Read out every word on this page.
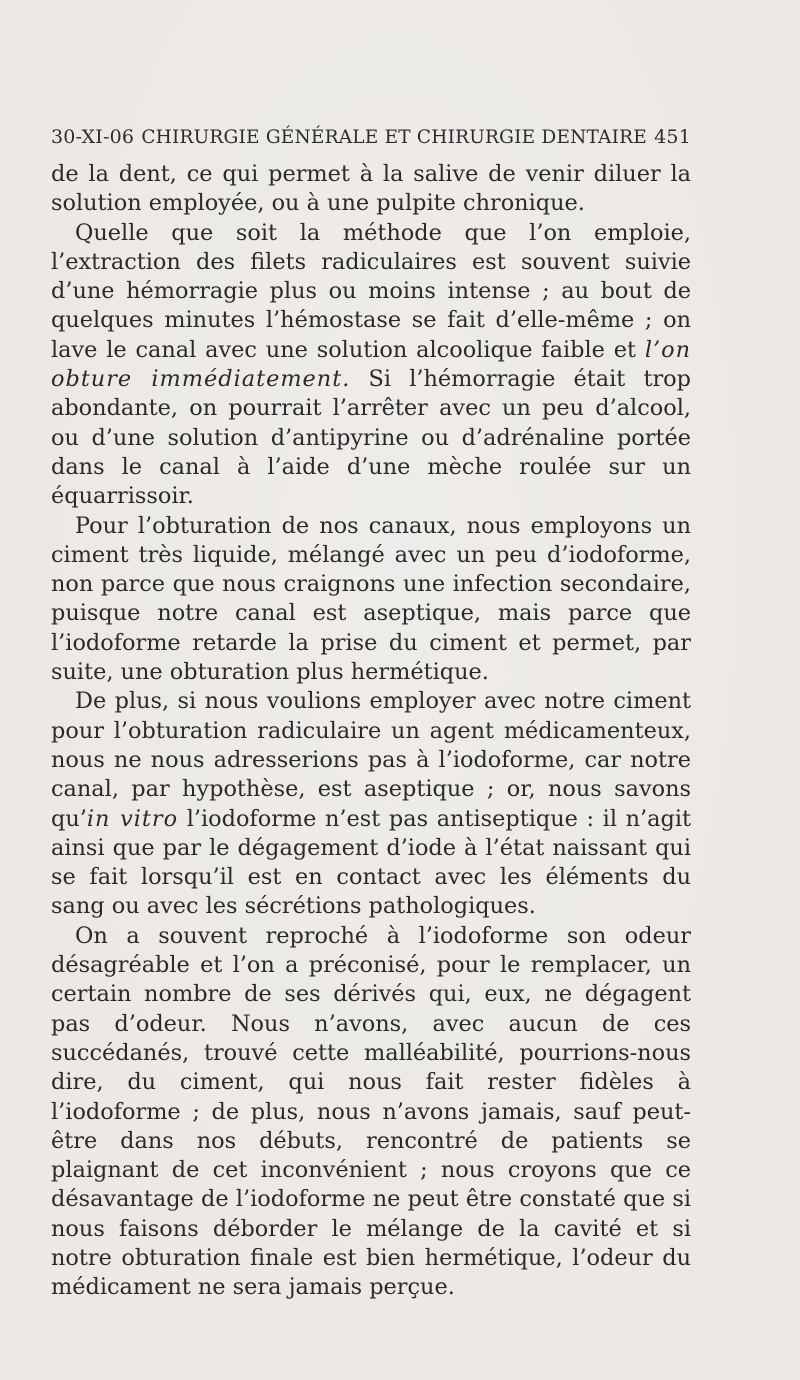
30-XI-06 CHIRURGIE GÉNÉRALE ET CHIRURGIE DENTAIRE 451

de la dent, ce qui permet à la salive de venir diluer la solution employée, ou à une pulpite chronique.

Quelle que soit la méthode que l’on emploie, l’extraction des filets radiculaires est souvent suivie d’une hémorragie plus ou moins intense ; au bout de quelques minutes l’hémostase se fait d’elle-même ; on lave le canal avec une solution alcoolique faible et l’on obture immédiatement. Si l’hémorragie était trop abondante, on pourrait l’arrêter avec un peu d’alcool, ou d’une solution d’antipyrine ou d’adrénaline portée dans le canal à l’aide d’une mèche roulée sur un équarrissoir.

Pour l’obturation de nos canaux, nous employons un ciment très liquide, mélangé avec un peu d’iodoforme, non parce que nous craignons une infection secondaire, puisque notre canal est aseptique, mais parce que l’iodoforme retarde la prise du ciment et permet, par suite, une obturation plus hermétique.

De plus, si nous voulions employer avec notre ciment pour l’obturation radiculaire un agent médicamenteux, nous ne nous adresserions pas à l’iodoforme, car notre canal, par hypothèse, est aseptique ; or, nous savons qu’in vitro l’iodoforme n’est pas antiseptique : il n’agit ainsi que par le dégagement d’iode à l’état naissant qui se fait lorsqu’il est en contact avec les éléments du sang ou avec les sécrétions pathologiques.

On a souvent reproché à l’iodoforme son odeur désagréable et l’on a préconisé, pour le remplacer, un certain nombre de ses dérivés qui, eux, ne dégagent pas d’odeur. Nous n’avons, avec aucun de ces succédanés, trouvé cette malléabilité, pourrions-nous dire, du ciment, qui nous fait rester fidèles à l’iodoforme ; de plus, nous n’avons jamais, sauf peut-être dans nos débuts, rencontré de patients se plaignant de cet inconvénient ; nous croyons que ce désavantage de l’iodoforme ne peut être constaté que si nous faisons déborder le mélange de la cavité et si notre obturation finale est bien hermétique, l’odeur du médicament ne sera jamais perçue.
